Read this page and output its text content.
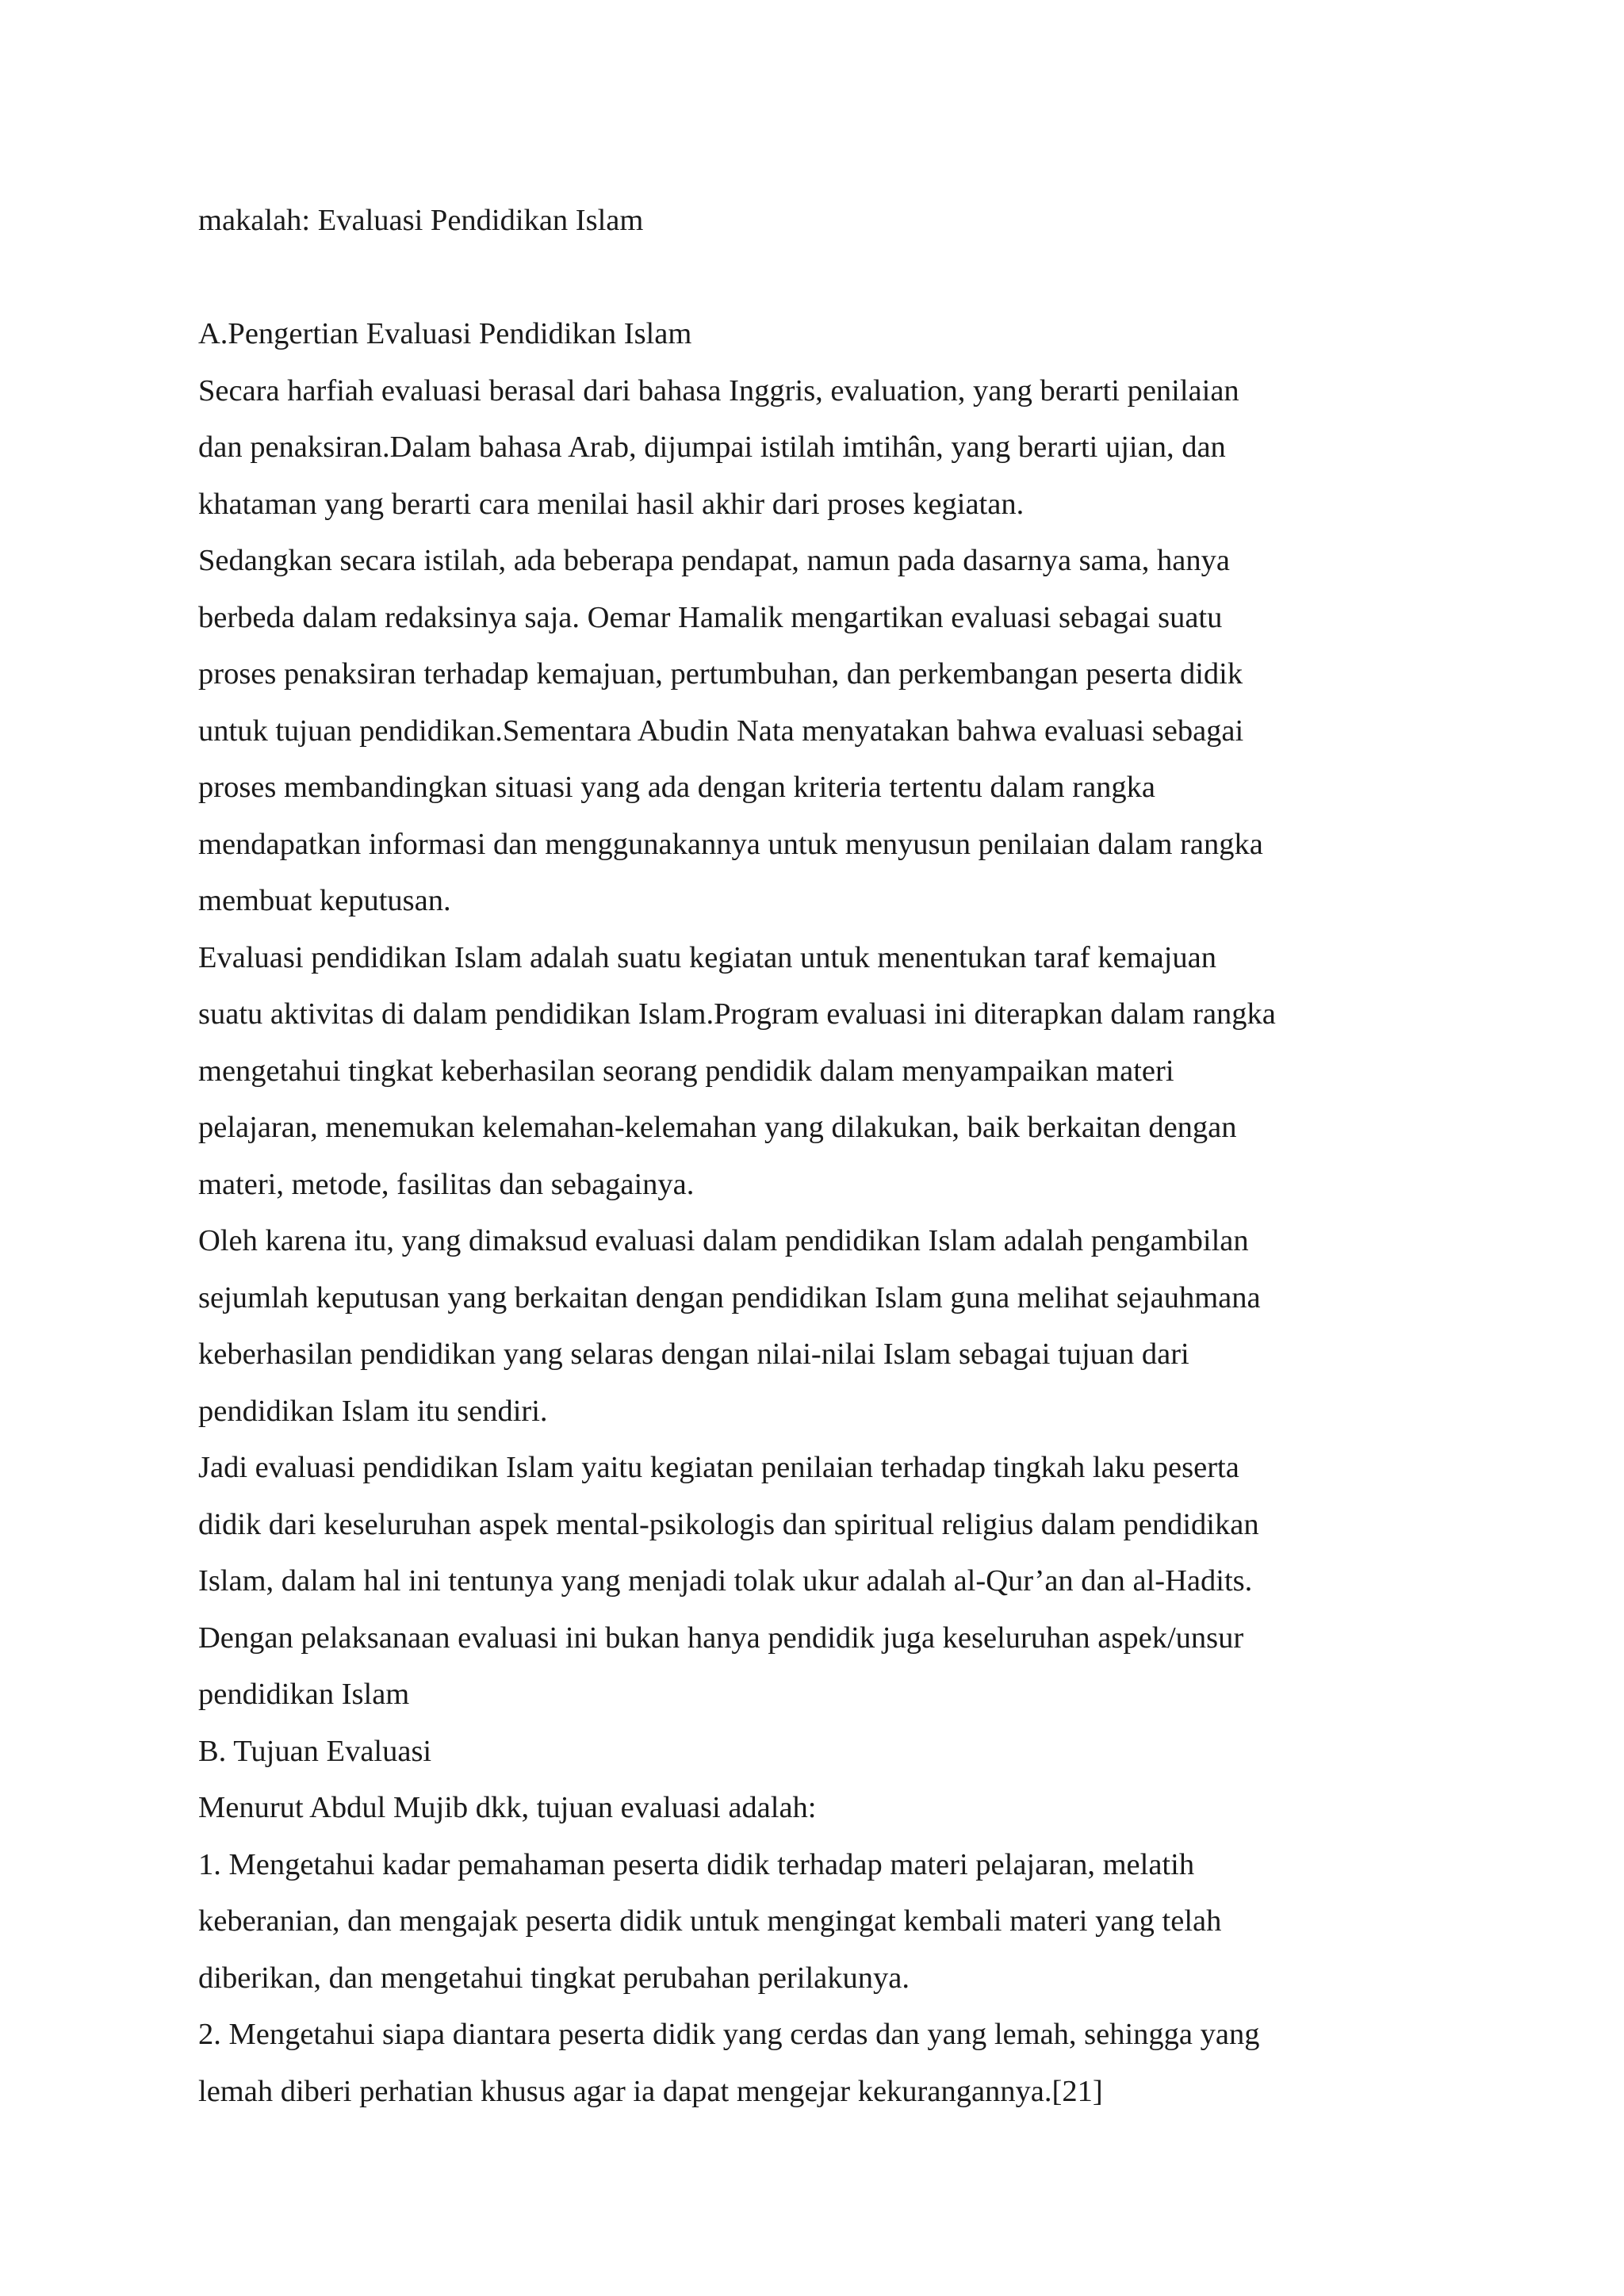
makalah: Evaluasi Pendidikan Islam

A.Pengertian Evaluasi Pendidikan Islam

Secara harfiah evaluasi berasal dari bahasa Inggris, evaluation, yang berarti penilaian

dan penaksiran.Dalam bahasa Arab, dijumpai istilah imtihân, yang berarti ujian, dan

khataman yang berarti cara menilai hasil akhir dari proses kegiatan.

Sedangkan secara istilah, ada beberapa pendapat, namun pada dasarnya sama, hanya

berbeda dalam redaksinya saja. Oemar Hamalik mengartikan evaluasi sebagai suatu

proses penaksiran terhadap kemajuan, pertumbuhan, dan perkembangan peserta didik

untuk tujuan pendidikan.Sementara Abudin Nata menyatakan bahwa evaluasi sebagai

proses membandingkan situasi yang ada dengan kriteria tertentu dalam rangka

mendapatkan informasi dan menggunakannya untuk menyusun penilaian dalam rangka

membuat keputusan.

Evaluasi pendidikan Islam adalah suatu kegiatan untuk menentukan taraf kemajuan

suatu aktivitas di dalam pendidikan Islam.Program evaluasi ini diterapkan dalam rangka

mengetahui tingkat keberhasilan seorang pendidik dalam menyampaikan materi

pelajaran, menemukan kelemahan-kelemahan yang dilakukan, baik berkaitan dengan

materi, metode, fasilitas dan sebagainya.

Oleh karena itu, yang dimaksud evaluasi dalam pendidikan Islam adalah pengambilan

sejumlah keputusan yang berkaitan dengan pendidikan Islam guna melihat sejauhmana

keberhasilan pendidikan yang selaras dengan nilai-nilai Islam sebagai tujuan dari

pendidikan Islam itu sendiri.

Jadi evaluasi pendidikan Islam yaitu kegiatan penilaian terhadap tingkah laku peserta

didik dari keseluruhan aspek mental-psikologis dan spiritual religius dalam pendidikan

Islam, dalam hal ini tentunya yang menjadi tolak ukur adalah al-Qur’an dan al-Hadits.

Dengan pelaksanaan evaluasi ini bukan hanya pendidik juga keseluruhan aspek/unsur

pendidikan Islam

B. Tujuan Evaluasi

Menurut Abdul Mujib dkk, tujuan evaluasi adalah:

1. Mengetahui kadar pemahaman peserta didik terhadap materi pelajaran, melatih

keberanian, dan mengajak peserta didik untuk mengingat kembali materi yang telah

diberikan, dan mengetahui tingkat perubahan perilakunya.

2. Mengetahui siapa diantara peserta didik yang cerdas dan yang lemah, sehingga yang

lemah diberi perhatian khusus agar ia dapat mengejar kekurangannya.[21]
